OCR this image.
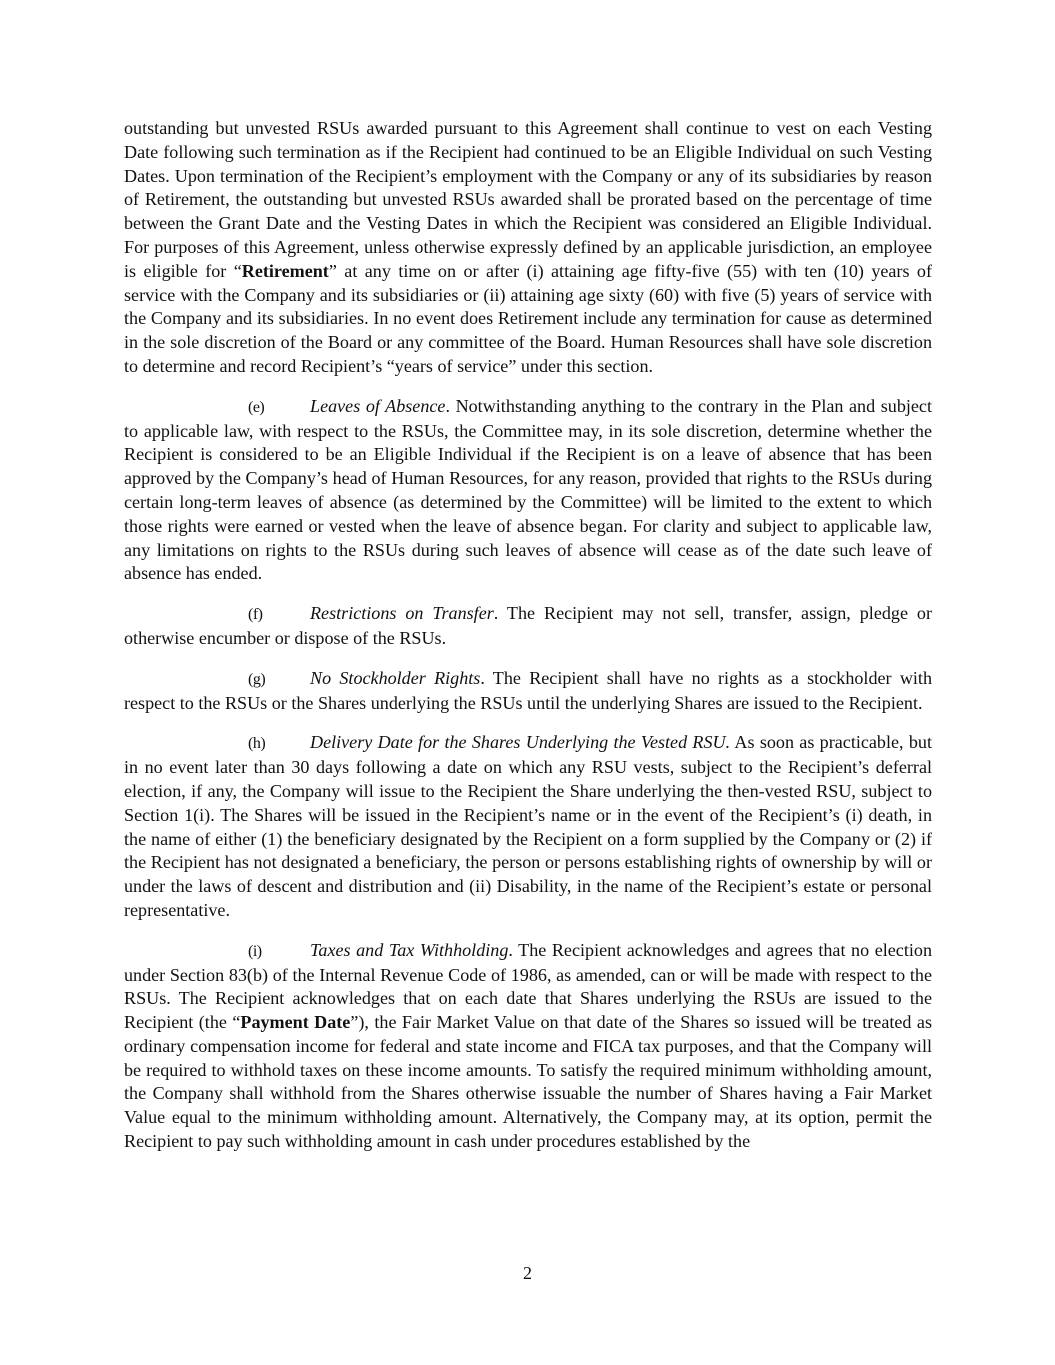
outstanding but unvested RSUs awarded pursuant to this Agreement shall continue to vest on each Vesting Date following such termination as if the Recipient had continued to be an Eligible Individual on such Vesting Dates. Upon termination of the Recipient’s employment with the Company or any of its subsidiaries by reason of Retirement, the outstanding but unvested RSUs awarded shall be prorated based on the percentage of time between the Grant Date and the Vesting Dates in which the Recipient was considered an Eligible Individual. For purposes of this Agreement, unless otherwise expressly defined by an applicable jurisdiction, an employee is eligible for “Retirement” at any time on or after (i) attaining age fifty-five (55) with ten (10) years of service with the Company and its subsidiaries or (ii) attaining age sixty (60) with five (5) years of service with the Company and its subsidiaries. In no event does Retirement include any termination for cause as determined in the sole discretion of the Board or any committee of the Board. Human Resources shall have sole discretion to determine and record Recipient’s “years of service” under this section.

(e)	Leaves of Absence. Notwithstanding anything to the contrary in the Plan and subject to applicable law, with respect to the RSUs, the Committee may, in its sole discretion, determine whether the Recipient is considered to be an Eligible Individual if the Recipient is on a leave of absence that has been approved by the Company’s head of Human Resources, for any reason, provided that rights to the RSUs during certain long-term leaves of absence (as determined by the Committee) will be limited to the extent to which those rights were earned or vested when the leave of absence began. For clarity and subject to applicable law, any limitations on rights to the RSUs during such leaves of absence will cease as of the date such leave of absence has ended.

(f)	Restrictions on Transfer. The Recipient may not sell, transfer, assign, pledge or otherwise encumber or dispose of the RSUs.

(g) No Stockholder Rights. The Recipient shall have no rights as a stockholder with respect to the RSUs or the Shares underlying the RSUs until the underlying Shares are issued to the Recipient.

(h) Delivery Date for the Shares Underlying the Vested RSU. As soon as practicable, but in no event later than 30 days following a date on which any RSU vests, subject to the Recipient’s deferral election, if any, the Company will issue to the Recipient the Share underlying the then-vested RSU, subject to Section 1(i). The Shares will be issued in the Recipient’s name or in the event of the Recipient’s (i) death, in the name of either (1) the beneficiary designated by the Recipient on a form supplied by the Company or (2) if the Recipient has not designated a beneficiary, the person or persons establishing rights of ownership by will or under the laws of descent and distribution and (ii) Disability, in the name of the Recipient’s estate or personal representative.

(i)	Taxes and Tax Withholding. The Recipient acknowledges and agrees that no election under Section 83(b) of the Internal Revenue Code of 1986, as amended, can or will be made with respect to the RSUs. The Recipient acknowledges that on each date that Shares underlying the RSUs are issued to the Recipient (the “Payment Date”), the Fair Market Value on that date of the Shares so issued will be treated as ordinary compensation income for federal and state income and FICA tax purposes, and that the Company will be required to withhold taxes on these income amounts. To satisfy the required minimum withholding amount, the Company shall withhold from the Shares otherwise issuable the number of Shares having a Fair Market Value equal to the minimum withholding amount. Alternatively, the Company may, at its option, permit the Recipient to pay such withholding amount in cash under procedures established by the

2
